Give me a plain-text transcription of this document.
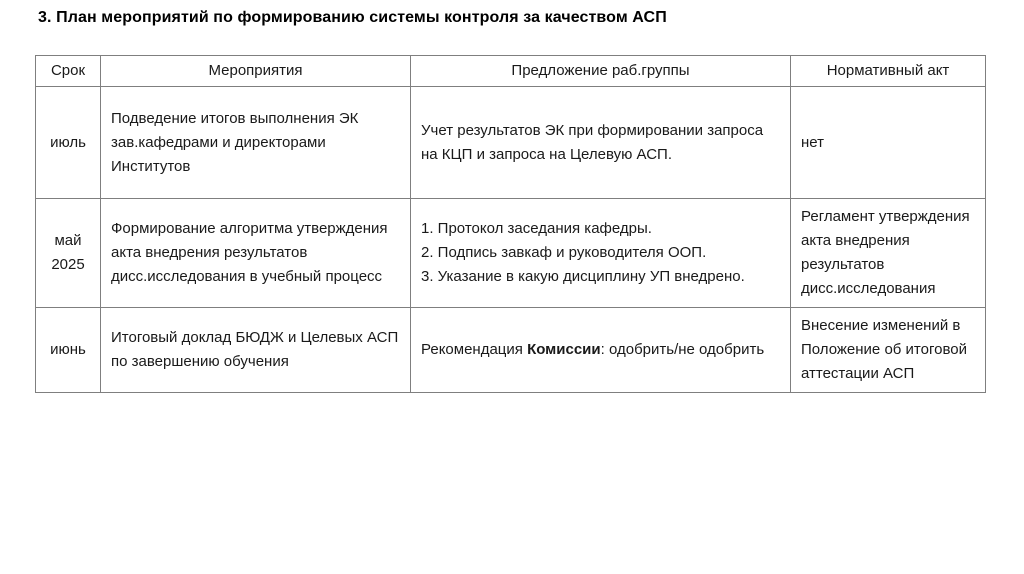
3. План мероприятий по формированию системы контроля за качеством АСП
Срок	Мероприятия	Предложение раб.группы	Нормативный акт
июль	Подведение итогов выполнения ЭК зав.кафедрами и директорами Институтов	Учет результатов ЭК при формировании запроса на КЦП и запроса на Целевую АСП.	нет
май 2025	Формирование алгоритма утверждения акта внедрения результатов дисс.исследования в учебный процесс	1. Протокол заседания кафедры.
2. Подпись завкаф и руководителя ООП.
3. Указание в какую дисциплину УП внедрено.	Регламент утверждения акта внедрения результатов дисс.исследования
июнь	Итоговый доклад БЮДЖ и Целевых АСП по завершению обучения	Рекомендация Комиссии: одобрить/не одобрить	Внесение изменений в Положение об итоговой аттестации АСП
